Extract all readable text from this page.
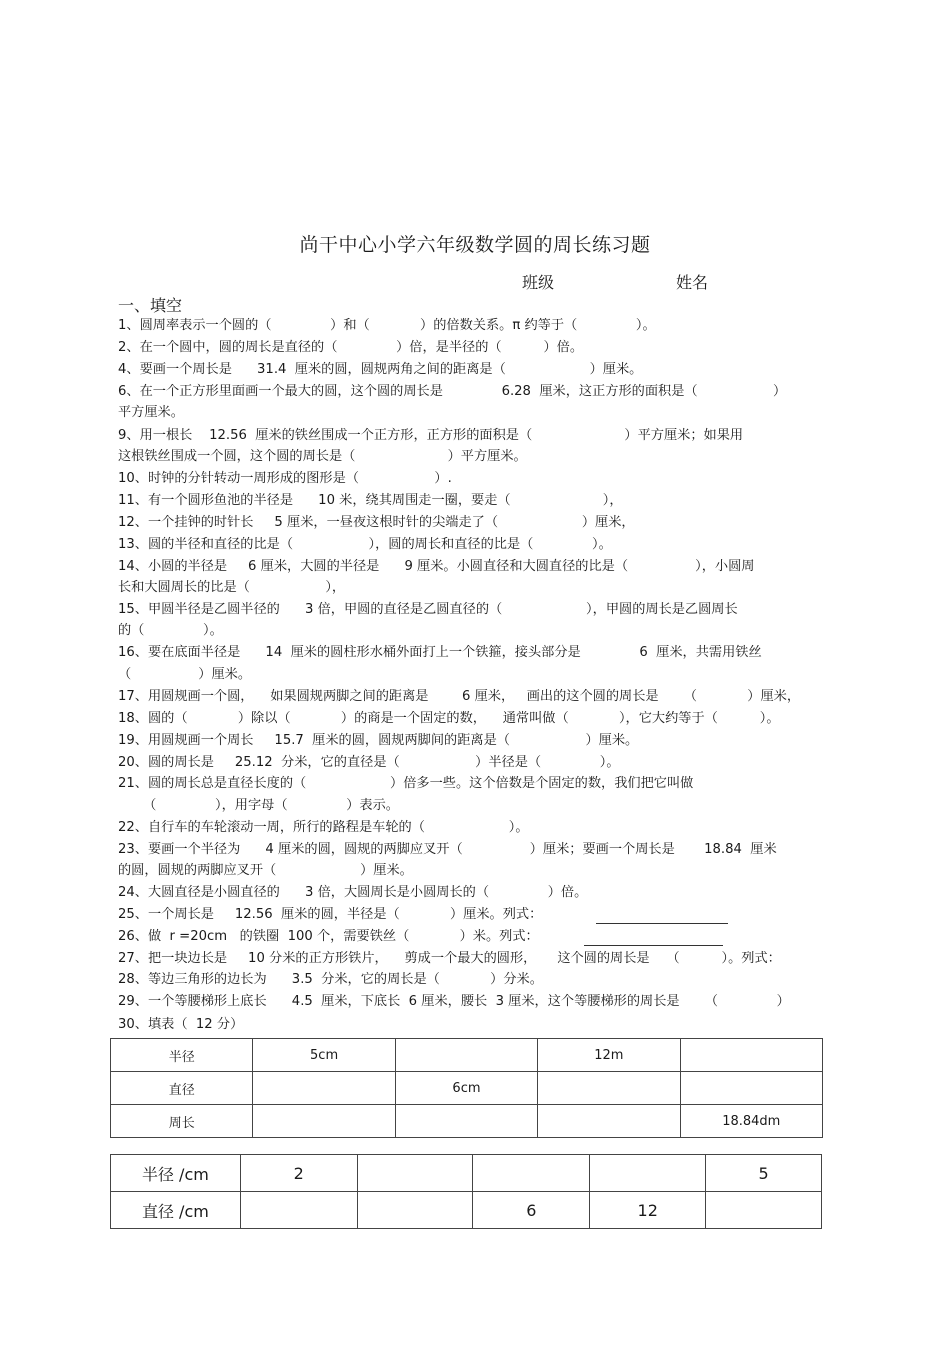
尚干中心小学六年级数学圆的周长练习题
班级	姓名
一、填空
1、圆周率表示一个圆的（              ）和（            ）的倍数关系。π 约等于（              ）。
2、在一个圆中，圆的周长是直径的（              ）倍，是半径的（          ）倍。
4、要画一个周长是      31.4  厘米的圆，圆规两角之间的距离是（                    ）厘米。
6、在一个正方形里面画一个最大的圆，这个圆的周长是              6.28  厘米，这正方形的面积是（                  ）
平方厘米。
9、用一根长    12.56  厘米的铁丝围成一个正方形，正方形的面积是（                      ）平方厘米；如果用
这根铁丝围成一个圆，这个圆的周长是（                      ）平方厘米。
10、时钟的分针转动一周形成的图形是（                  ）.
11、有一个圆形鱼池的半径是      10 米，绕其周围走一圈，要走（                      ），
12、一个挂钟的时针长     5 厘米，一昼夜这根时针的尖端走了（                    ）厘米，
13、圆的半径和直径的比是（                  ），圆的周长和直径的比是（              ）。
14、小圆的半径是     6 厘米，大圆的半径是      9 厘米。小圆直径和大圆直径的比是（                ），小圆周
长和大圆周长的比是（                  ），
15、甲圆半径是乙圆半径的      3 倍，甲圆的直径是乙圆直径的（                    ），甲圆的周长是乙圆周长
的（              ）。
16、要在底面半径是      14  厘米的圆柱形水桶外面打上一个铁箍，接头部分是              6  厘米，共需用铁丝
（                ）厘米。
17、用圆规画一个圆，    如果圆规两脚之间的距离是        6 厘米，   画出的这个圆的周长是      （            ）厘米，
18、圆的（            ）除以（            ）的商是一个固定的数，    通常叫做（            ），它大约等于（          ）。
19、用圆规画一个周长     15.7  厘米的圆，圆规两脚间的距离是（                  ）厘米。
20、圆的周长是     25.12  分米，它的直径是（                  ）半径是（              ）。
21、圆的周长总是直径长度的（                    ）倍多一些。这个倍数是个固定的数，我们把它叫做
（              ），用字母（              ）表示。
22、自行车的车轮滚动一周，所行的路程是车轮的（                    ）。
23、要画一个半径为      4 厘米的圆，圆规的两脚应叉开（                ）厘米；要画一个周长是       18.84  厘米
的圆，圆规的两脚应叉开（                    ）厘米。
24、大圆直径是小圆直径的      3 倍，大圆周长是小圆周长的（              ）倍。
25、一个周长是     12.56  厘米的圆，半径是（            ）厘米。列式：
26、做  r =20cm   的铁圈  100 个，需要铁丝（            ）米。列式：
27、把一块边长是     10 分米的正方形铁片，    剪成一个最大的圆形，     这个圆的周长是    （          ）。列式：
28、等边三角形的边长为      3.5  分米，它的周长是（            ）分米。
29、一个等腰梯形上底长      4.5  厘米，下底长  6 厘米，腰长  3 厘米，这个等腰梯形的周长是      （              ）
30、填表（  12 分）
半径	5cm		12m	
直径		6cm		
周长				18.84dm
半径 /cm	2				5
直径 /cm			6	12	
